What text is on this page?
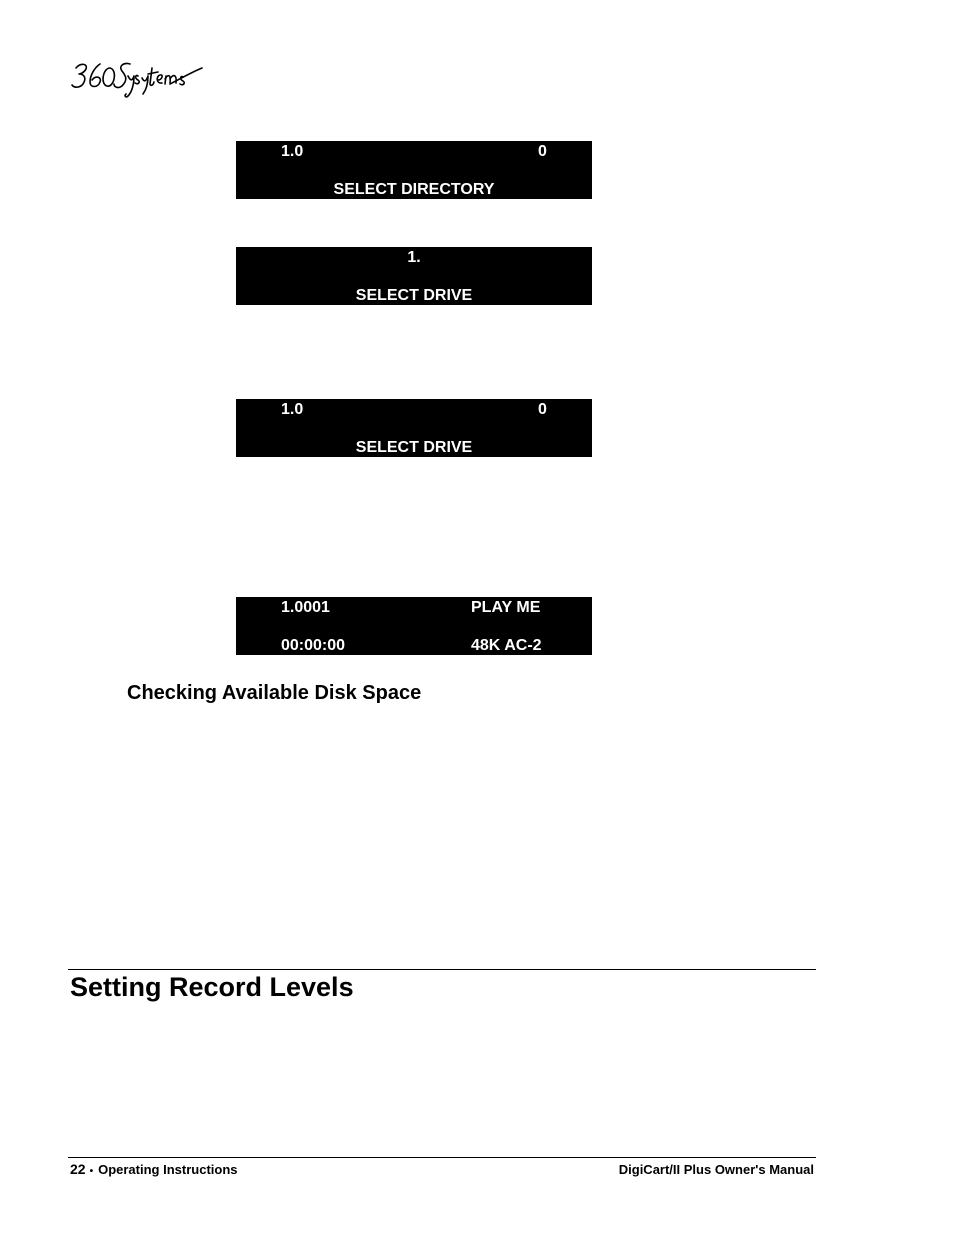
1.0	0
SELECT DIRECTORY
1.
SELECT DRIVE
1.0	0
SELECT DRIVE
1.0001	PLAY ME
00:00:00	48K AC-2
Checking Available Disk Space
Setting Record Levels
22 • Operating Instructions	DigiCart/II Plus Owner's Manual
